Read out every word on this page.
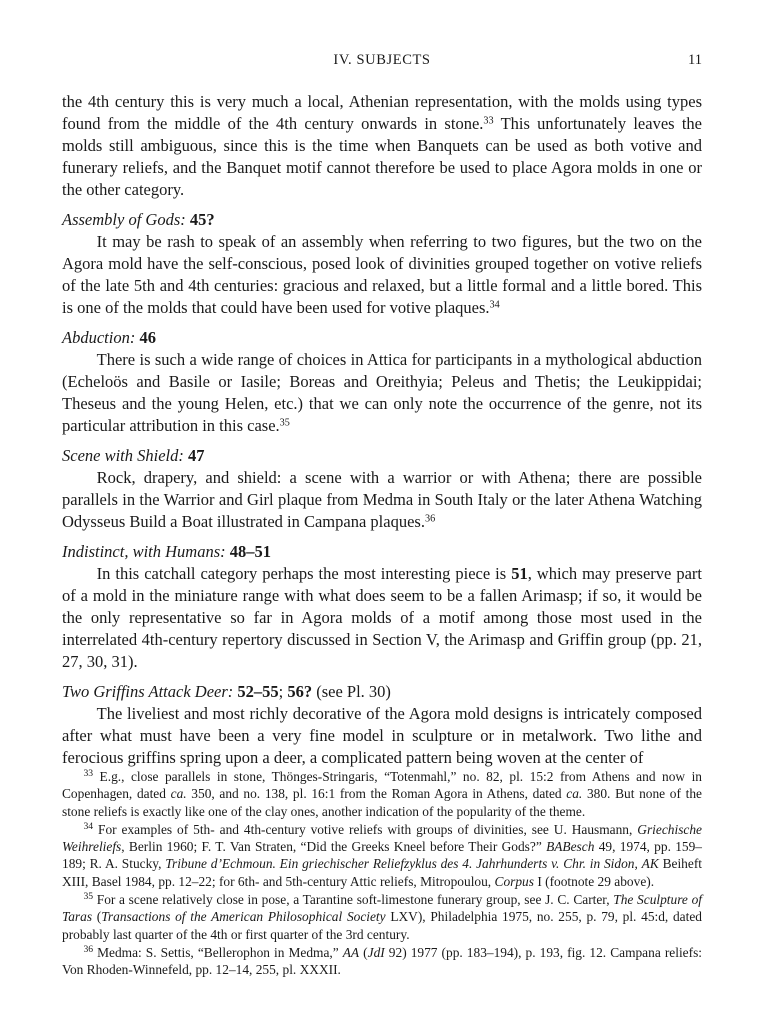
IV. SUBJECTS	11

the 4th century this is very much a local, Athenian representation, with the molds using types found from the middle of the 4th century onwards in stone.$^{33}$ This unfortunately leaves the molds still ambiguous, since this is the time when Banquets can be used as both votive and funerary reliefs, and the Banquet motif cannot therefore be used to place Agora molds in one or the other category.

Assembly of Gods: 45?

It may be rash to speak of an assembly when referring to two figures, but the two on the Agora mold have the self-conscious, posed look of divinities grouped together on votive reliefs of the late 5th and 4th centuries: gracious and relaxed, but a little formal and a little bored. This is one of the molds that could have been used for votive plaques.$^{34}$

Abduction: 46

There is such a wide range of choices in Attica for participants in a mythological abduction (Echeloös and Basile or Iasile; Boreas and Oreithyia; Peleus and Thetis; the Leukippidai; Theseus and the young Helen, etc.) that we can only note the occurrence of the genre, not its particular attribution in this case.$^{35}$

Scene with Shield: 47

Rock, drapery, and shield: a scene with a warrior or with Athena; there are possible parallels in the Warrior and Girl plaque from Medma in South Italy or the later Athena Watching Odysseus Build a Boat illustrated in Campana plaques.$^{36}$

Indistinct, with Humans: 48–51

In this catchall category perhaps the most interesting piece is 51, which may preserve part of a mold in the miniature range with what does seem to be a fallen Arimasp; if so, it would be the only representative so far in Agora molds of a motif among those most used in the interrelated 4th-century repertory discussed in Section V, the Arimasp and Griffin group (pp. 21, 27, 30, 31).

Two Griffins Attack Deer: 52–55; 56? (see Pl. 30)

The liveliest and most richly decorative of the Agora mold designs is intricately composed after what must have been a very fine model in sculpture or in metalwork. Two lithe and ferocious griffins spring upon a deer, a complicated pattern being woven at the center of

$^{33}$ E.g., close parallels in stone, Thönges-Stringaris, “Totenmahl,” no. 82, pl. 15:2 from Athens and now in Copenhagen, dated ca. 350, and no. 138, pl. 16:1 from the Roman Agora in Athens, dated ca. 380. But none of the stone reliefs is exactly like one of the clay ones, another indication of the popularity of the theme.

$^{34}$ For examples of 5th- and 4th-century votive reliefs with groups of divinities, see U. Hausmann, Griechische Weihreliefs, Berlin 1960; F. T. Van Straten, “Did the Greeks Kneel before Their Gods?” BABesch 49, 1974, pp. 159–189; R. A. Stucky, Tribune d’Echmoun. Ein griechischer Reliefzyklus des 4. Jahrhunderts v. Chr. in Sidon, AK Beiheft XIII, Basel 1984, pp. 12–22; for 6th- and 5th-century Attic reliefs, Mitropoulou, Corpus I (footnote 29 above).

$^{35}$ For a scene relatively close in pose, a Tarantine soft-limestone funerary group, see J. C. Carter, The Sculpture of Taras (Transactions of the American Philosophical Society LXV), Philadelphia 1975, no. 255, p. 79, pl. 45:d, dated probably last quarter of the 4th or first quarter of the 3rd century.

$^{36}$ Medma: S. Settis, “Bellerophon in Medma,” AA (JdI 92) 1977 (pp. 183–194), p. 193, fig. 12. Campana reliefs: Von Rhoden-Winnefeld, pp. 12–14, 255, pl. XXXII.
